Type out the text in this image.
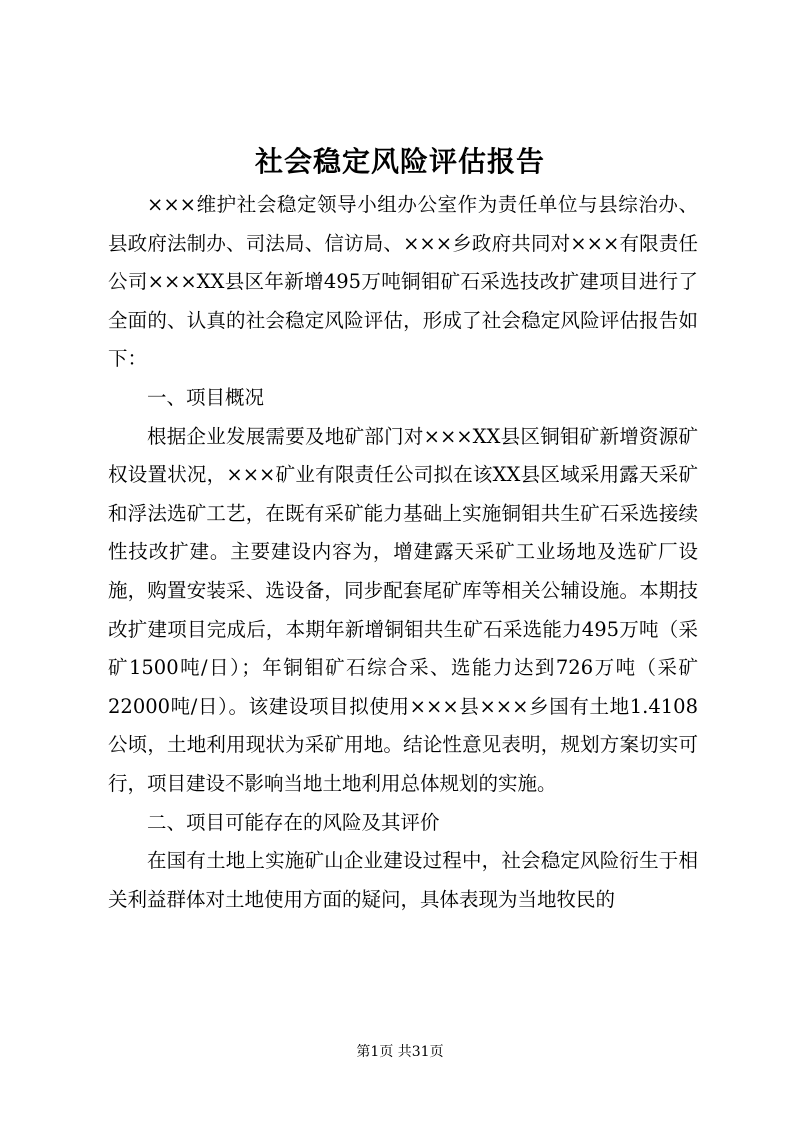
社会稳定风险评估报告

×××维护社会稳定领导小组办公室作为责任单位与县综治办、县政府法制办、司法局、信访局、×××乡政府共同对×××有限责任公司×××XX县区年新增495万吨铜钼矿石采选技改扩建项目进行了全面的、认真的社会稳定风险评估，形成了社会稳定风险评估报告如下：

一、项目概况

根据企业发展需要及地矿部门对×××XX县区铜钼矿新增资源矿权设置状况，×××矿业有限责任公司拟在该XX县区域采用露天采矿和浮法选矿工艺，在既有采矿能力基础上实施铜钼共生矿石采选接续性技改扩建。主要建设内容为，增建露天采矿工业场地及选矿厂设施，购置安装采、选设备，同步配套尾矿库等相关公辅设施。本期技改扩建项目完成后，本期年新增铜钼共生矿石采选能力495万吨（采矿1500吨/日）；年铜钼矿石综合采、选能力达到726万吨（采矿22000吨/日）。该建设项目拟使用×××县×××乡国有土地1.4108公顷，土地利用现状为采矿用地。结论性意见表明，规划方案切实可行，项目建设不影响当地土地利用总体规划的实施。

二、项目可能存在的风险及其评价

在国有土地上实施矿山企业建设过程中，社会稳定风险衍生于相关利益群体对土地使用方面的疑问，具体表现为当地牧民的

第1页 共31页
